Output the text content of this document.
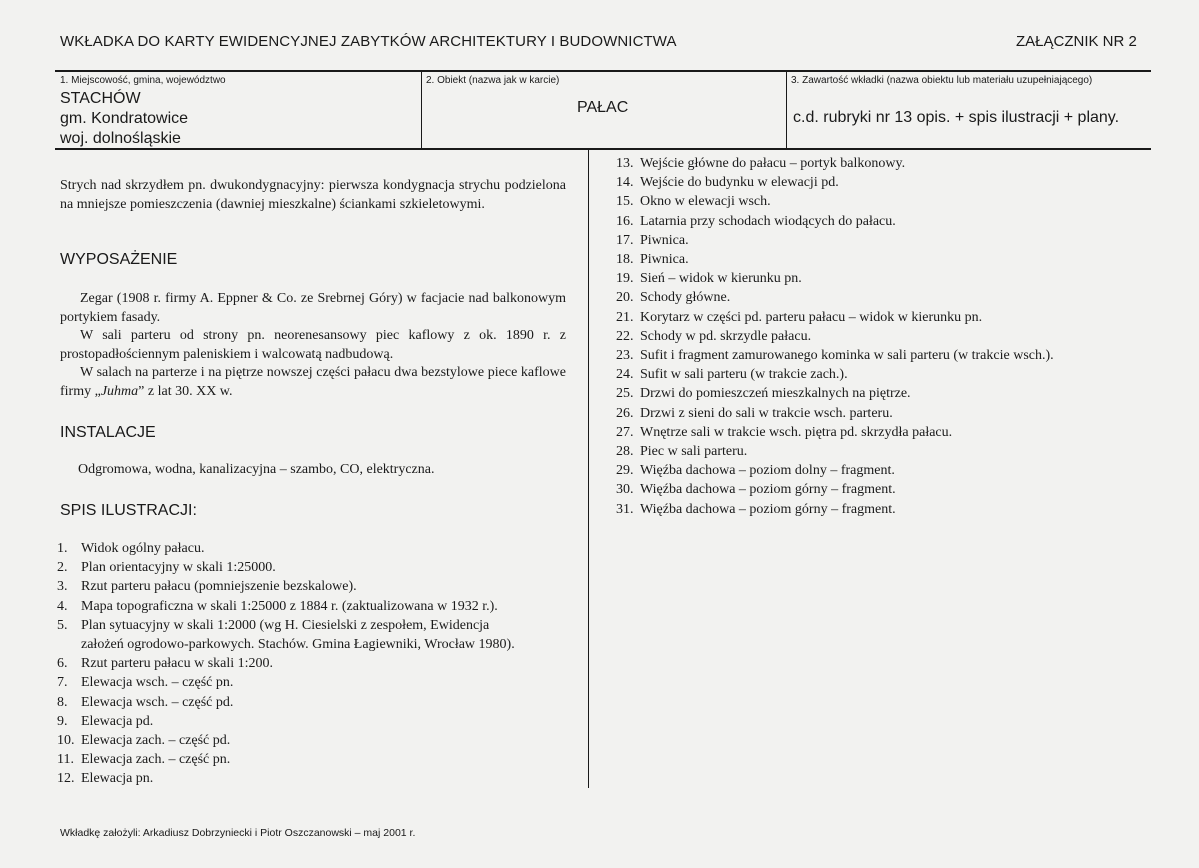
WKŁADKA DO KARTY EWIDENCYJNEJ ZABYTKÓW ARCHITEKTURY I BUDOWNICTWA	ZAŁĄCZNIK NR 2
1. Miejscowość, gmina, województwo
STACHÓW
gm. Kondratowice
woj. dolnośląskie
2. Obiekt (nazwa jak w karcie)
PAŁAC
3. Zawartość wkładki (nazwa obiektu lub materiału uzupełniającego)
c.d. rubryki nr 13 opis. + spis ilustracji + plany.

Strych nad skrzydłem pn. dwukondygnacyjny: pierwsza kondygnacja strychu podzielona na mniejsze pomieszczenia (dawniej mieszkalne) ściankami szkieletowymi.

WYPOSAŻENIE

Zegar (1908 r. firmy A. Eppner & Co. ze Srebrnej Góry) w facjacie nad balkonowym portykiem fasady.

W sali parteru od strony pn. neorenesansowy piec kaflowy z ok. 1890 r. z prostopadłościennym paleniskiem i walcowatą nadbudową.

W salach na parterze i na piętrze nowszej części pałacu dwa bezstylowe piece kaflowe firmy „Juhma” z lat 30. XX w.

INSTALACJE
Odgromowa, wodna, kanalizacyjna – szambo, CO, elektryczna.
SPIS ILUSTRACJI:
1. Widok ogólny pałacu.
2. Plan orientacyjny w skali 1:25000.
3. Rzut parteru pałacu (pomniejszenie bezskalowe).
4. Mapa topograficzna w skali 1:25000 z 1884 r. (zaktualizowana w 1932 r.).
5. Plan sytuacyjny w skali 1:2000 (wg H. Ciesielski z zespołem, Ewidencja
założeń ogrodowo-parkowych. Stachów. Gmina Łagiewniki, Wrocław 1980).
6. Rzut parteru pałacu w skali 1:200.
7. Elewacja wsch. – część pn.
8. Elewacja wsch. – część pd.
9. Elewacja pd.
10. Elewacja zach. – część pd.
11. Elewacja zach. – część pn.
12. Elewacja pn.
13. Wejście główne do pałacu – portyk balkonowy.
14. Wejście do budynku w elewacji pd.
15. Okno w elewacji wsch.
16. Latarnia przy schodach wiodących do pałacu.
17. Piwnica.
18. Piwnica.
19. Sień – widok w kierunku pn.
20. Schody główne.
21. Korytarz w części pd. parteru pałacu – widok w kierunku pn.
22. Schody w pd. skrzydle pałacu.
23. Sufit i fragment zamurowanego kominka w sali parteru (w trakcie wsch.).
24. Sufit w sali parteru (w trakcie zach.).
25. Drzwi do pomieszczeń mieszkalnych na piętrze.
26. Drzwi z sieni do sali w trakcie wsch. parteru.
27. Wnętrze sali w trakcie wsch. piętra pd. skrzydła pałacu.
28. Piec w sali parteru.
29. Więźba dachowa – poziom dolny – fragment.
30. Więźba dachowa – poziom górny – fragment.
31. Więźba dachowa – poziom górny – fragment.
Wkładkę założyli: Arkadiusz Dobrzyniecki i Piotr Oszczanowski – maj 2001 r.
